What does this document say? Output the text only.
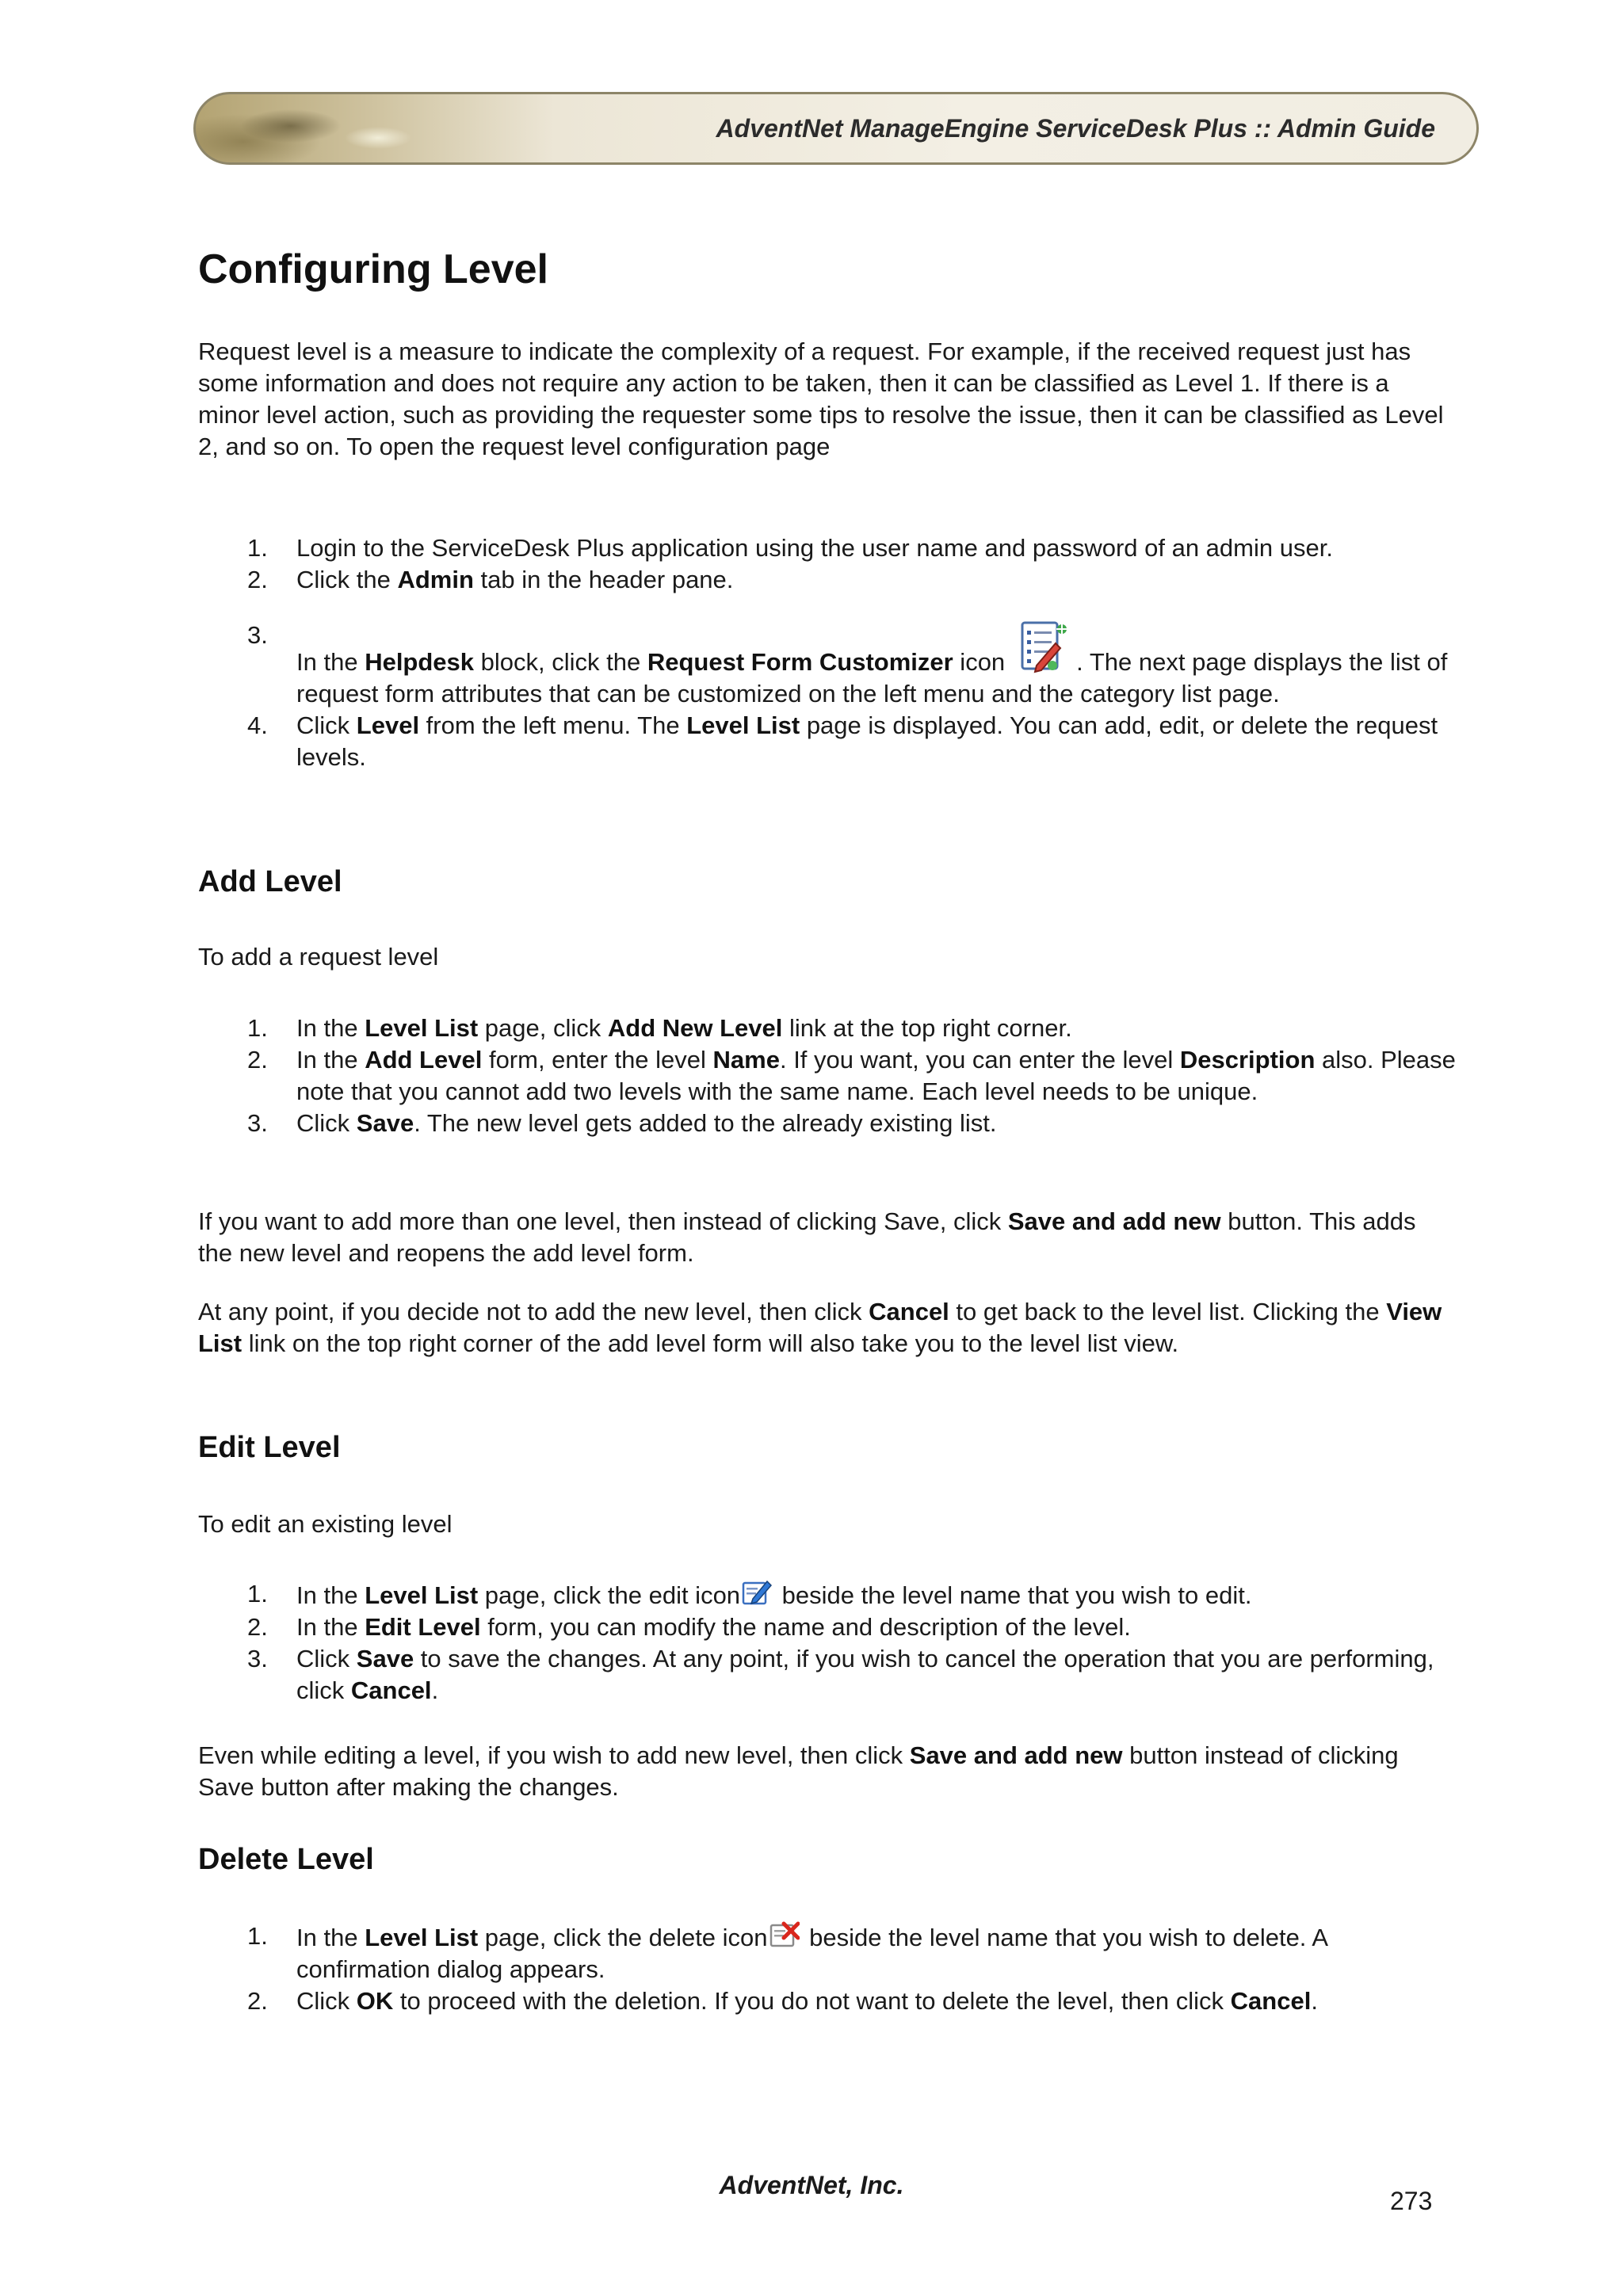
AdventNet ManageEngine ServiceDesk Plus :: Admin Guide
Configuring Level

Request level is a measure to indicate the complexity of a request. For example, if the received request just has some information and does not require any action to be taken, then it can be classified as Level 1. If there is a minor level action, such as providing the requester some tips to resolve the issue, then it can be classified as Level 2, and so on. To open the request level configuration page

1. Login to the ServiceDesk Plus application using the user name and password of an admin user.
2. Click the Admin tab in the header pane.
3.
In the Helpdesk block, click the Request Form Customizer icon	. The next page displays the list of request form attributes that can be customized on the left menu and the category list page.
4. Click Level from the left menu. The Level List page is displayed. You can add, edit, or delete the request levels.
Add Level

To add a request level

1. In the Level List page, click Add New Level link at the top right corner.
2. In the Add Level form, enter the level Name. If you want, you can enter the level Description also. Please note that you cannot add two levels with the same name. Each level needs to be unique.
3. Click Save. The new level gets added to the already existing list.

If you want to add more than one level, then instead of clicking Save, click Save and add new button. This adds the new level and reopens the add level form.

At any point, if you decide not to add the new level, then click Cancel to get back to the level list. Clicking the View List link on the top right corner of the add level form will also take you to the level list view.

Edit Level

To edit an existing level

1. In the Level List page, click the edit icon beside the level name that you wish to edit.
2. In the Edit Level form, you can modify the name and description of the level.
3. Click Save to save the changes. At any point, if you wish to cancel the operation that you are performing, click Cancel.

Even while editing a level, if you wish to add new level, then click Save and add new button instead of clicking Save button after making the changes.

Delete Level
1. In the Level List page, click the delete icon beside the level name that you wish to delete. A confirmation dialog appears.
2. Click OK to proceed with the deletion. If you do not want to delete the level, then click Cancel.
AdventNet, Inc.
273
